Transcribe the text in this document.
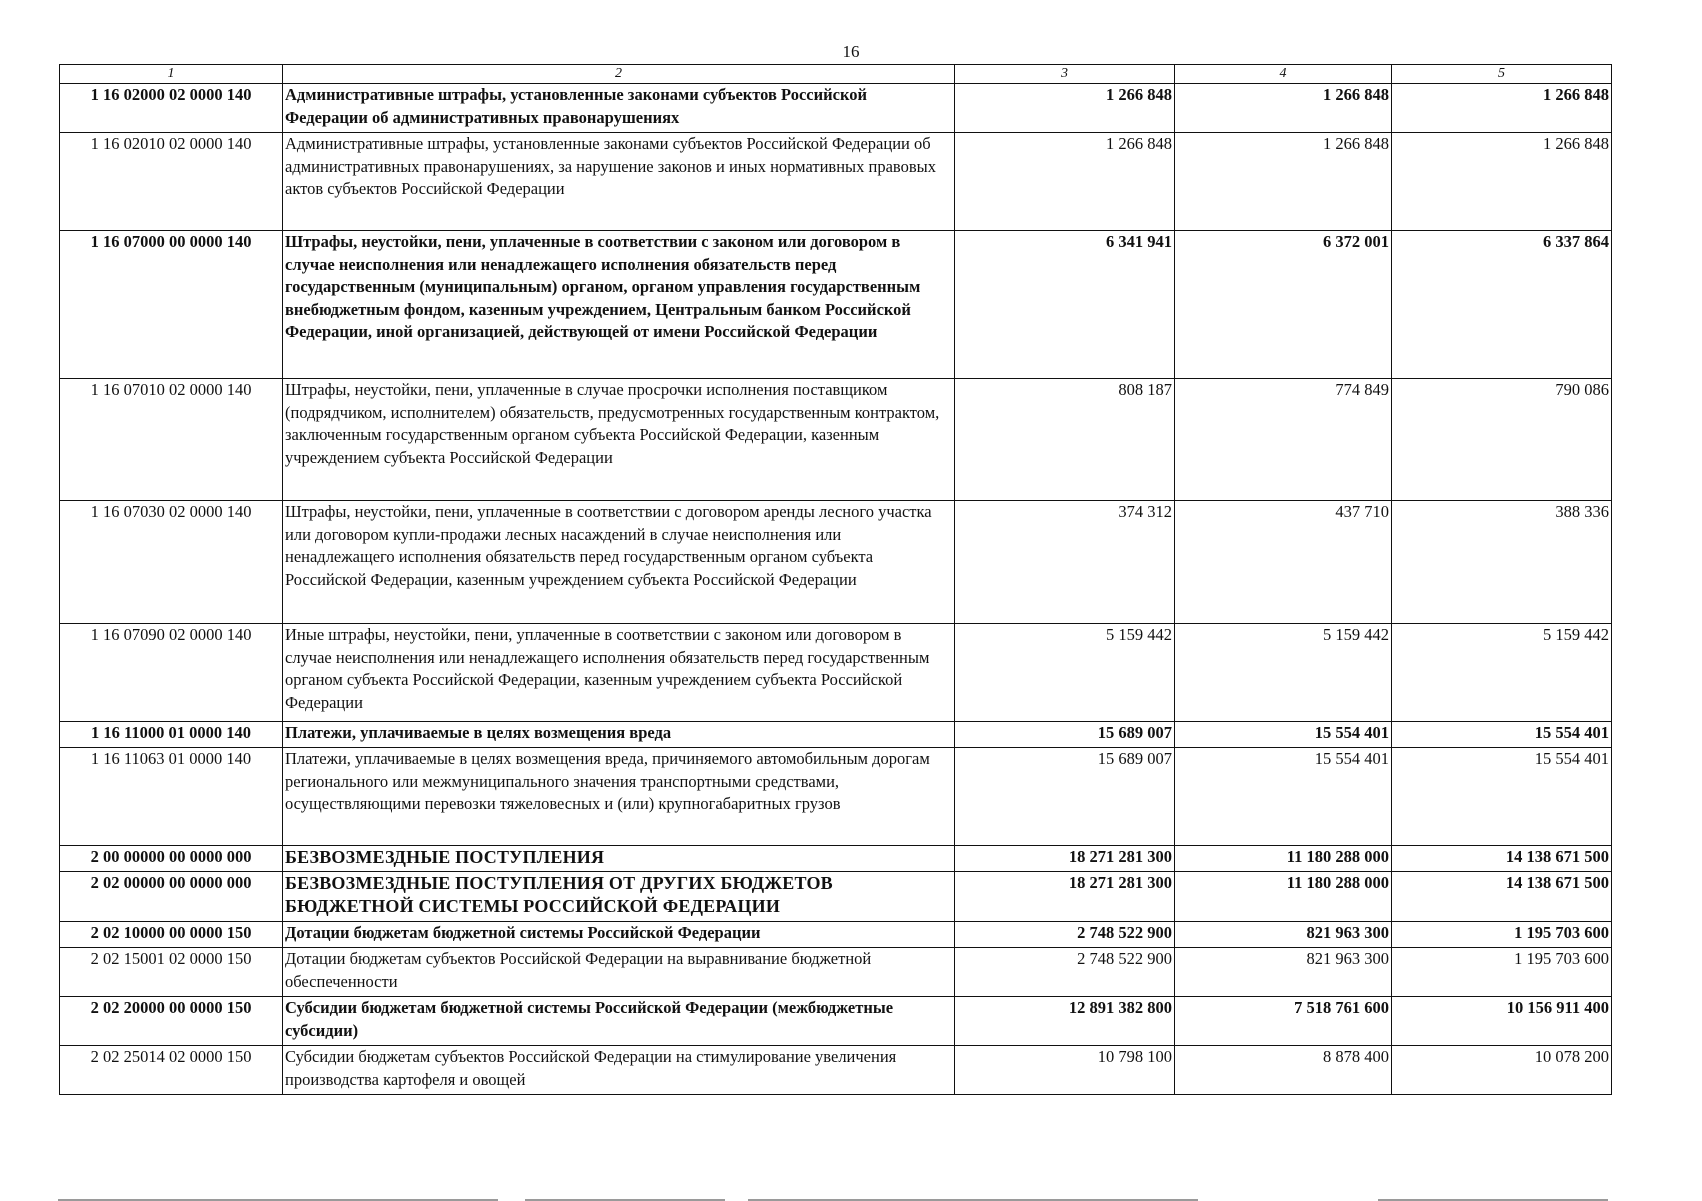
16
1	2	3	4	5
1 16 02000 02 0000 140	Административные штрафы, установленные законами субъектов Российской Федерации об административных правонарушениях	1 266 848	1 266 848	1 266 848
1 16 02010 02 0000 140	Административные штрафы, установленные законами субъектов Российской Федерации об административных правонарушениях, за нарушение законов и иных нормативных правовых актов субъектов Российской Федерации	1 266 848	1 266 848	1 266 848
1 16 07000 00 0000 140	Штрафы, неустойки, пени, уплаченные в соответствии с законом или договором в случае неисполнения или ненадлежащего исполнения обязательств перед государственным (муниципальным) органом, органом управления государственным внебюджетным фондом, казенным учреждением, Центральным банком Российской Федерации, иной организацией, действующей от имени Российской Федерации	6 341 941	6 372 001	6 337 864
1 16 07010 02 0000 140	Штрафы, неустойки, пени, уплаченные в случае просрочки исполнения поставщиком (подрядчиком, исполнителем) обязательств, предусмотренных государственным контрактом, заключенным государственным органом субъекта Российской Федерации, казенным учреждением субъекта Российской Федерации	808 187	774 849	790 086
1 16 07030 02 0000 140	Штрафы, неустойки, пени, уплаченные в соответствии с договором аренды лесного участка или договором купли-продажи лесных насаждений в случае неисполнения или ненадлежащего исполнения обязательств перед государственным органом субъекта Российской Федерации, казенным учреждением субъекта Российской Федерации	374 312	437 710	388 336
1 16 07090 02 0000 140	Иные штрафы, неустойки, пени, уплаченные в соответствии с законом или договором в случае неисполнения или ненадлежащего исполнения обязательств перед государственным органом субъекта Российской Федерации, казенным учреждением субъекта Российской Федерации	5 159 442	5 159 442	5 159 442
1 16 11000 01 0000 140	Платежи, уплачиваемые в целях возмещения вреда	15 689 007	15 554 401	15 554 401
1 16 11063 01 0000 140	Платежи, уплачиваемые в целях возмещения вреда, причиняемого автомобильным дорогам регионального или межмуниципального значения транспортными средствами, осуществляющими перевозки тяжеловесных и (или) крупногабаритных грузов	15 689 007	15 554 401	15 554 401
2 00 00000 00 0000 000	БЕЗВОЗМЕЗДНЫЕ ПОСТУПЛЕНИЯ	18 271 281 300	11 180 288 000	14 138 671 500
2 02 00000 00 0000 000	БЕЗВОЗМЕЗДНЫЕ ПОСТУПЛЕНИЯ ОТ ДРУГИХ БЮДЖЕТОВ БЮДЖЕТНОЙ СИСТЕМЫ РОССИЙСКОЙ ФЕДЕРАЦИИ	18 271 281 300	11 180 288 000	14 138 671 500
2 02 10000 00 0000 150	Дотации бюджетам бюджетной системы Российской Федерации	2 748 522 900	821 963 300	1 195 703 600
2 02 15001 02 0000 150	Дотации бюджетам субъектов Российской Федерации на выравнивание бюджетной обеспеченности	2 748 522 900	821 963 300	1 195 703 600
2 02 20000 00 0000 150	Субсидии бюджетам бюджетной системы Российской Федерации (межбюджетные субсидии)	12 891 382 800	7 518 761 600	10 156 911 400
2 02 25014 02 0000 150	Субсидии бюджетам субъектов Российской Федерации на стимулирование увеличения производства картофеля и овощей	10 798 100	8 878 400	10 078 200
